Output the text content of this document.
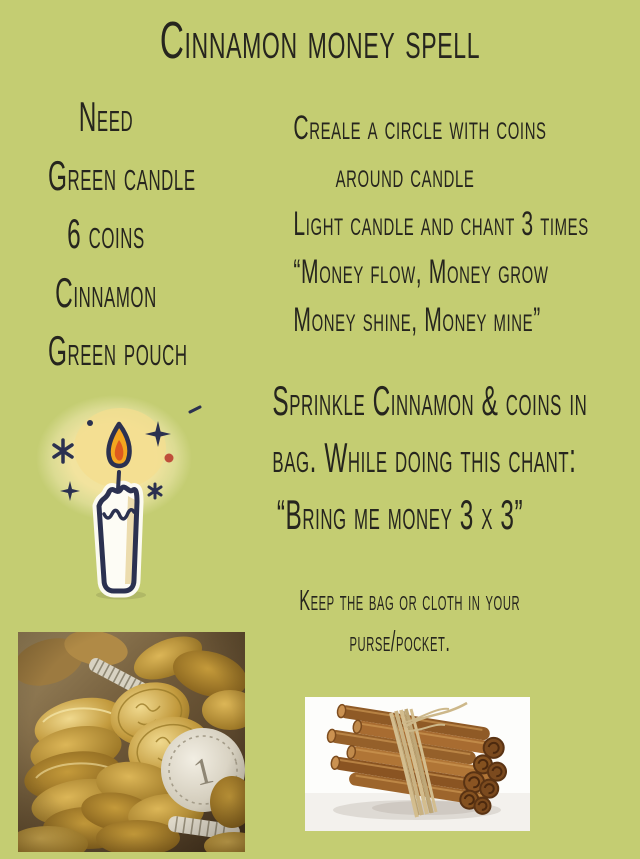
Cinnamon money spell
Need
Green candle
6 coins
Cinnamon
Green pouch
Creale a circle with coins
around candle
Light candle and chant 3 times
“Money flow, Money grow
Money shine, Money mine”
Sprinkle Cinnamon & coins in
bag. While doing this chant:
“Bring me money 3 x 3”
Keep the bag or cloth in your
purse/pocket.
